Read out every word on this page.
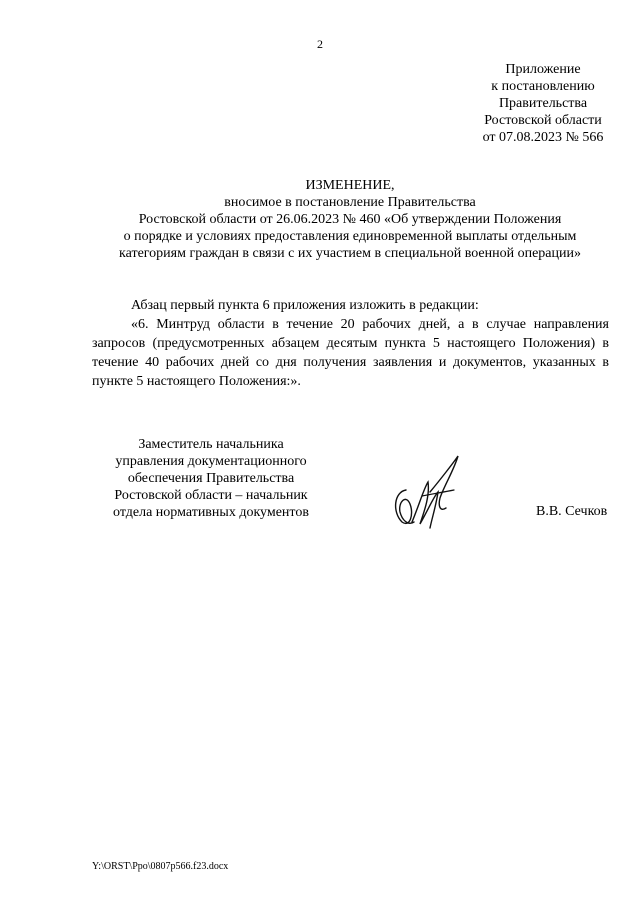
2
Приложение
к постановлению
Правительства
Ростовской области
от 07.08.2023 № 566
ИЗМЕНЕНИЕ,
вносимое в постановление Правительства
Ростовской области от 26.06.2023 № 460 «Об утверждении Положения
о порядке и условиях предоставления единовременной выплаты отдельным
категориям граждан в связи с их участием в специальной военной операции»

Абзац первый пункта 6 приложения изложить в редакции:

«6. Минтруд области в течение 20 рабочих дней, а в случае направления запросов (предусмотренных абзацем десятым пункта 5 настоящего Положения) в течение 40 рабочих дней со дня получения заявления и документов, указанных в пункте 5 настоящего Положения:».

Заместитель начальника
управления документационного
обеспечения Правительства
Ростовской области – начальник
отдела нормативных документов	В.В. Сечков
Y:\ORST\Ppo\0807p566.f23.docx
